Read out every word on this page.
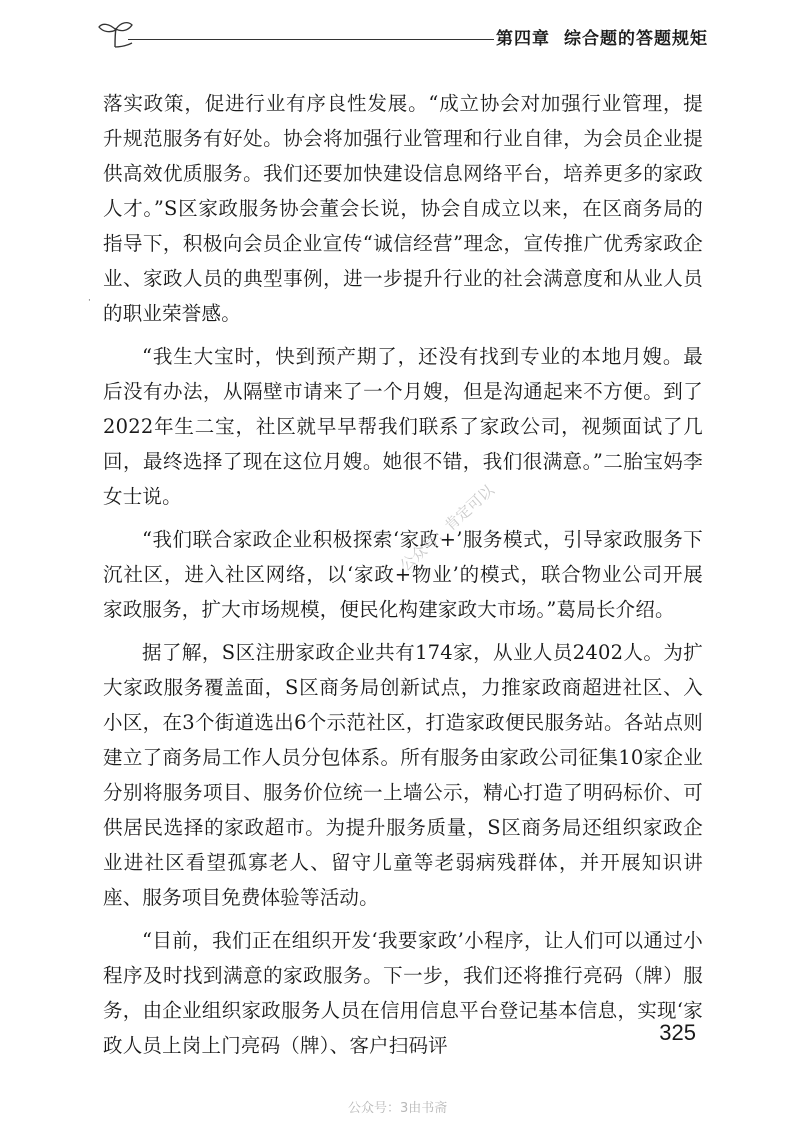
第四章 综合题的答题规矩
·

落实政策，促进行业有序良性发展。“成立协会对加强行业管理，提升规范服务有好处。协会将加强行业管理和行业自律，为会员企业提供高效优质服务。我们还要加快建设信息网络平台，培养更多的家政人才。”S区家政服务协会董会长说，协会自成立以来，在区商务局的指导下，积极向会员企业宣传“诚信经营”理念，宣传推广优秀家政企业、家政人员的典型事例，进一步提升行业的社会满意度和从业人员的职业荣誉感。

“我生大宝时，快到预产期了，还没有找到专业的本地月嫂。最后没有办法，从隔壁市请来了一个月嫂，但是沟通起来不方便。到了2022年生二宝，社区就早早帮我们联系了家政公司，视频面试了几回，最终选择了现在这位月嫂。她很不错，我们很满意。”二胎宝妈李女士说。

“我们联合家政企业积极探索‘家政+’服务模式，引导家政服务下沉社区，进入社区网络，以‘家政+物业’的模式，联合物业公司开展家政服务，扩大市场规模，便民化构建家政大市场。”葛局长介绍。

据了解，S区注册家政企业共有174家，从业人员2402人。为扩大家政服务覆盖面，S区商务局创新试点，力推家政商超进社区、入小区，在3个街道选出6个示范社区，打造家政便民服务站。各站点则建立了商务局工作人员分包体系。所有服务由家政公司征集10家企业分别将服务项目、服务价位统一上墙公示，精心打造了明码标价、可供居民选择的家政超市。为提升服务质量，S区商务局还组织家政企业进社区看望孤寡老人、留守儿童等老弱病残群体，并开展知识讲座、服务项目免费体验等活动。

“目前，我们正在组织开发‘我要家政’小程序，让人们可以通过小程序及时找到满意的家政服务。下一步，我们还将推行亮码（牌）服务，由企业组织家政服务人员在信用信息平台登记基本信息，实现‘家政人员上岗上门亮码（牌）、客户扫码评

公众号：肯定可以
325
公众号：3由书斋
